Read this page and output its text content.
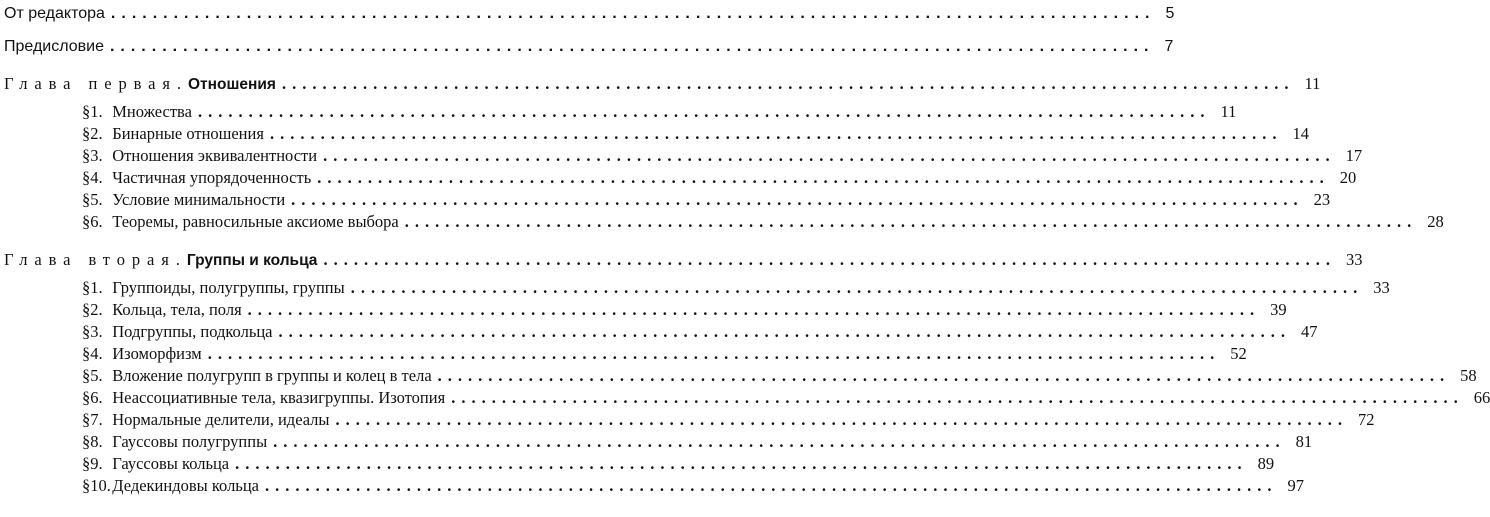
От редактора .................................................................................................... 5
Предисловие .................................................................................................... 7
Глава первая. Отношения .................................................................................................... 11
§ 1. Множества .................................................................................................... 11
§ 2. Бинарные отношения .................................................................................................... 14
§ 3. Отношения эквивалентности .................................................................................................... 17
§ 4. Частичная упорядоченность .................................................................................................... 20
§ 5. Условие минимальности .................................................................................................... 23
§ 6. Теоремы, равносильные аксиоме выбора .................................................................................................... 28
Глава вторая. Группы и кольца .................................................................................................... 33
§ 1. Группоиды, полугруппы, группы .................................................................................................... 33
§ 2. Кольца, тела, поля .................................................................................................... 39
§ 3. Подгруппы, подкольца .................................................................................................... 47
§ 4. Изоморфизм .................................................................................................... 52
§ 5. Вложение полугрупп в группы и колец в тела .................................................................................................... 58
§ 6. Неассоциативные тела, квазигруппы. Изотопия .................................................................................................... 66
§ 7. Нормальные делители, идеалы .................................................................................................... 72
§ 8. Гауссовы полугруппы .................................................................................................... 81
§ 9. Гауссовы кольца .................................................................................................... 89
§ 10. Дедекиндовы кольца .................................................................................................... 97
